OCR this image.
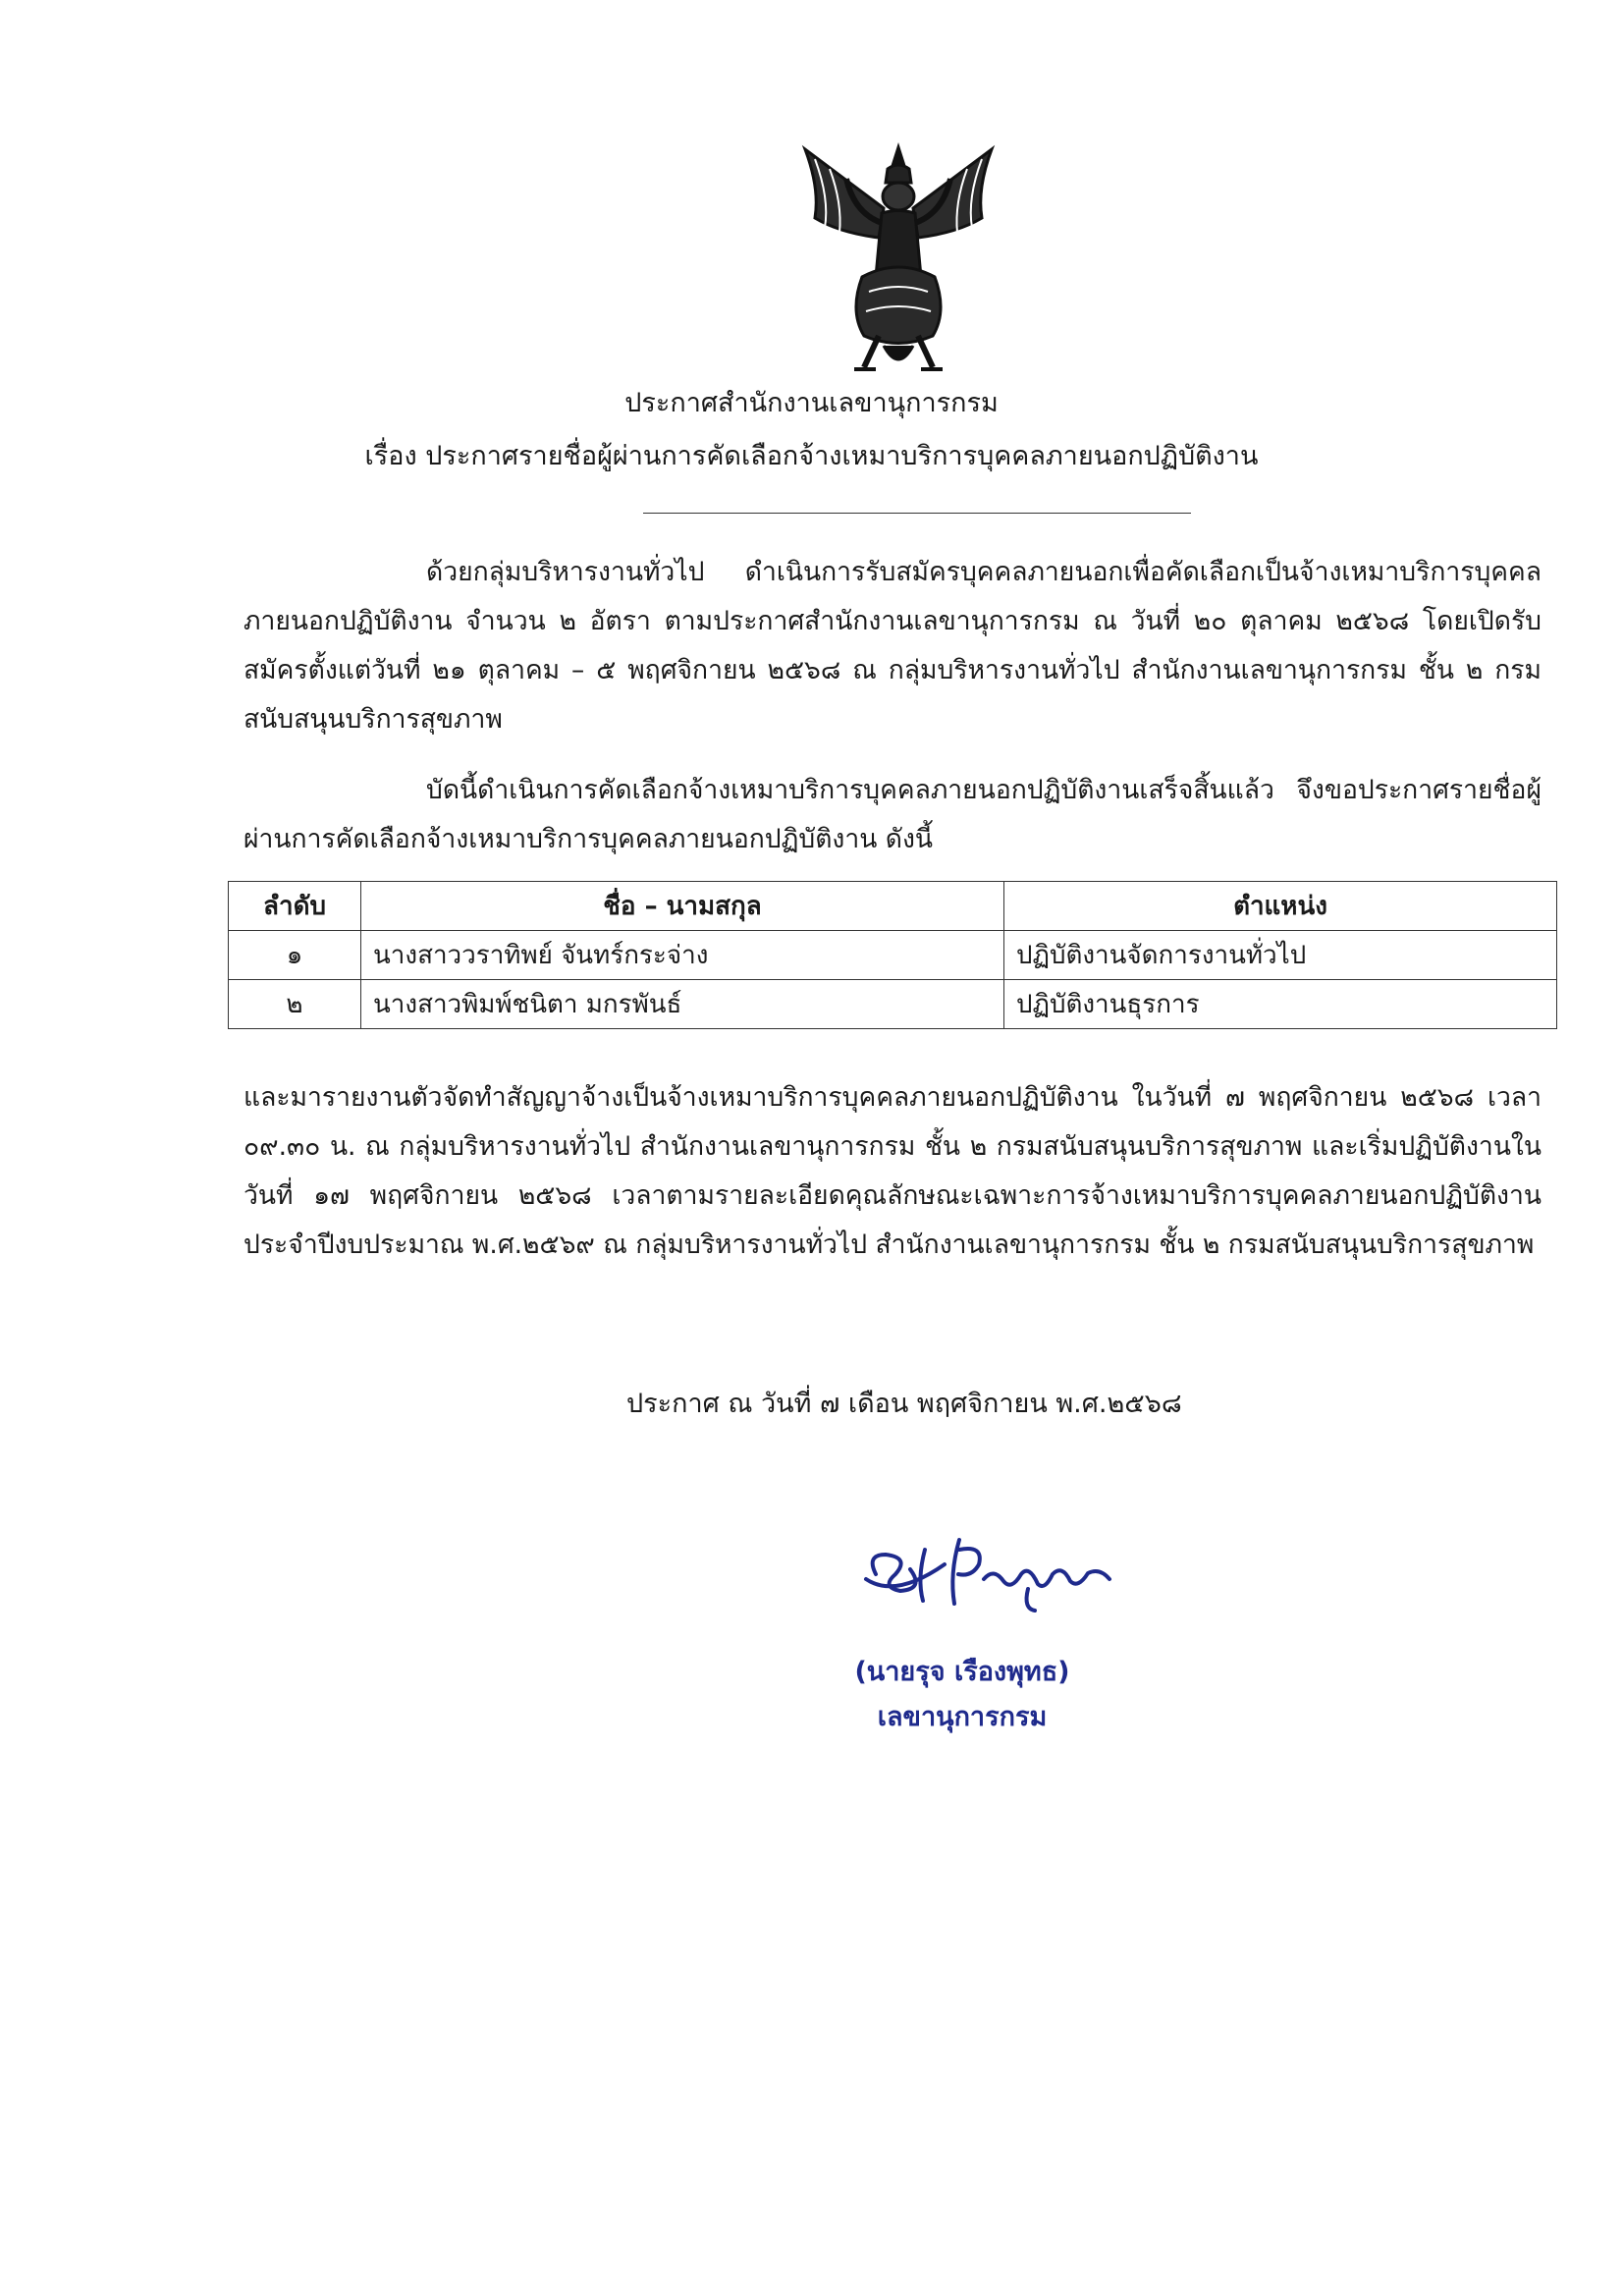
ประกาศสำนักงานเลขานุการกรม
เรื่อง ประกาศรายชื่อผู้ผ่านการคัดเลือกจ้างเหมาบริการบุคคลภายนอกปฏิบัติงาน
ด้วยกลุ่มบริหารงานทั่วไป ดำเนินการรับสมัครบุคคลภายนอกเพื่อคัดเลือกเป็นจ้างเหมาบริการบุคคลภายนอกปฏิบัติงาน จำนวน ๒ อัตรา ตามประกาศสำนักงานเลขานุการกรม ณ วันที่ ๒๐ ตุลาคม ๒๕๖๘ โดยเปิดรับสมัครตั้งแต่วันที่ ๒๑ ตุลาคม – ๕ พฤศจิกายน ๒๕๖๘ ณ กลุ่มบริหารงานทั่วไป สำนักงานเลขานุการกรม ชั้น ๒ กรมสนับสนุนบริการสุขภาพ
บัดนี้ดำเนินการคัดเลือกจ้างเหมาบริการบุคคลภายนอกปฏิบัติงานเสร็จสิ้นแล้ว จึงขอประกาศรายชื่อผู้ผ่านการคัดเลือกจ้างเหมาบริการบุคคลภายนอกปฏิบัติงาน ดังนี้
ลำดับ	ชื่อ – นามสกุล	ตำแหน่ง
๑	นางสาววราทิพย์ จันทร์กระจ่าง	ปฏิบัติงานจัดการงานทั่วไป
๒	นางสาวพิมพ์ชนิตา มกรพันธ์	ปฏิบัติงานธุรการ
และมารายงานตัวจัดทำสัญญาจ้างเป็นจ้างเหมาบริการบุคคลภายนอกปฏิบัติงาน ในวันที่ ๗ พฤศจิกายน ๒๕๖๘ เวลา ๐๙.๓๐ น. ณ กลุ่มบริหารงานทั่วไป สำนักงานเลขานุการกรม ชั้น ๒ กรมสนับสนุนบริการสุขภาพ และเริ่มปฏิบัติงานในวันที่ ๑๗ พฤศจิกายน ๒๕๖๘ เวลาตามรายละเอียดคุณลักษณะเฉพาะการจ้างเหมาบริการบุคคลภายนอกปฏิบัติงาน ประจำปีงบประมาณ พ.ศ.๒๕๖๙ ณ กลุ่มบริหารงานทั่วไป สำนักงานเลขานุการกรม ชั้น ๒ กรมสนับสนุนบริการสุขภาพ
ประกาศ ณ วันที่ ๗ เดือน พฤศจิกายน พ.ศ.๒๕๖๘
(นายรุจ เรืองพุทธ)
เลขานุการกรม
